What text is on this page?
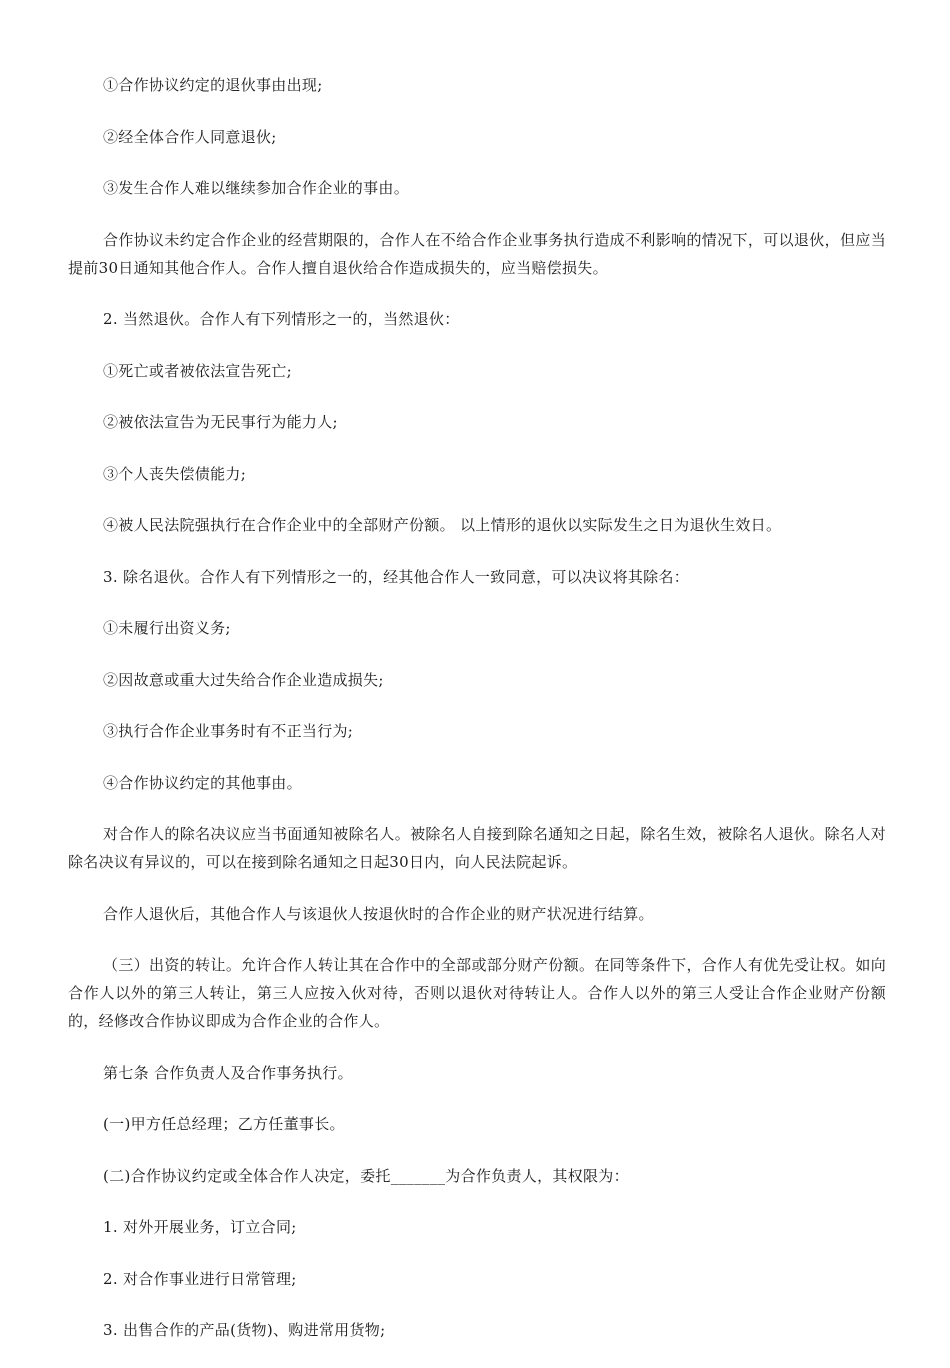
①合作协议约定的退伙事由出现;

②经全体合作人同意退伙;

③发生合作人难以继续参加合作企业的事由。

合作协议未约定合作企业的经营期限的，合作人在不给合作企业事务执行造成不利影响的情况下，可以退伙，但应当提前30日通知其他合作人。合作人擅自退伙给合作造成损失的，应当赔偿损失。

2. 当然退伙。合作人有下列情形之一的，当然退伙：

①死亡或者被依法宣告死亡;

②被依法宣告为无民事行为能力人;

③个人丧失偿债能力;

④被人民法院强执行在合作企业中的全部财产份额。 以上情形的退伙以实际发生之日为退伙生效日。

3. 除名退伙。合作人有下列情形之一的，经其他合作人一致同意，可以决议将其除名：

①未履行出资义务;

②因故意或重大过失给合作企业造成损失;

③执行合作企业事务时有不正当行为;

④合作协议约定的其他事由。

对合作人的除名决议应当书面通知被除名人。被除名人自接到除名通知之日起，除名生效，被除名人退伙。除名人对除名决议有异议的，可以在接到除名通知之日起30日内，向人民法院起诉。

合作人退伙后，其他合作人与该退伙人按退伙时的合作企业的财产状况进行结算。

（三）出资的转让。允许合作人转让其在合作中的全部或部分财产份额。在同等条件下，合作人有优先受让权。如向合作人以外的第三人转让，第三人应按入伙对待，否则以退伙对待转让人。合作人以外的第三人受让合作企业财产份额的，经修改合作协议即成为合作企业的合作人。

第七条 合作负责人及合作事务执行。

(一)甲方任总经理；乙方任董事长。

(二)合作协议约定或全体合作人决定，委托_______为合作负责人，其权限为：

1. 对外开展业务，订立合同;

2. 对合作事业进行日常管理;

3. 出售合作的产品(货物)、购进常用货物;
